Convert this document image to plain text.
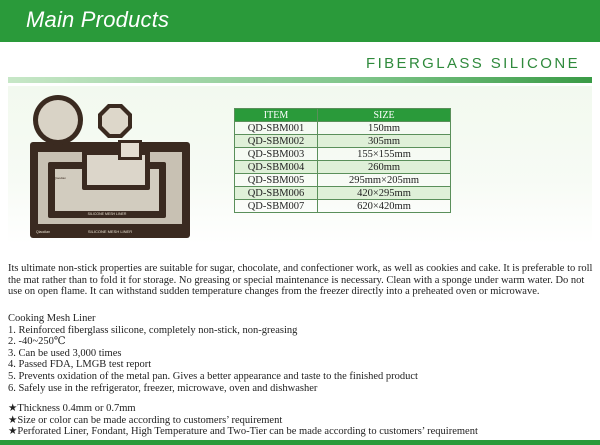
Main Products
FIBERGLASS SILICONE
SILICONE MESH LINER
Qiaodian
SILICONE MESH LINER
Qiaodian
ITEM	SIZE
QD-SBM001	150mm
QD-SBM002	305mm
QD-SBM003	155×155mm
QD-SBM004	260mm
QD-SBM005	295mm×205mm
QD-SBM006	420×295mm
QD-SBM007	620×420mm
Its ultimate non-stick properties are suitable for sugar, chocolate, and confectioner work, as well as cookies and cake. It is preferable to roll the mat rather than to fold it for storage. No greasing or special maintenance is necessary. Clean with a sponge under warm water. Do not use on open flame. It can withstand sudden temperature changes from the freezer directly into a preheated oven or microwave.
Cooking Mesh Liner
1. Reinforced fiberglass silicone, completely non-stick, non-greasing
2. -40~250℃
3. Can be used 3,000 times
4. Passed FDA, LMGB test report
5. Prevents oxidation of the metal pan. Gives a better appearance and taste to the finished product
6. Safely use in the refrigerator, freezer, microwave, oven and dishwasher
★Thickness 0.4mm or 0.7mm
★Size or color can be made according to customers’ requirement
★Perforated Liner, Fondant, High Temperature and Two-Tier can be made according to customers’ requirement
